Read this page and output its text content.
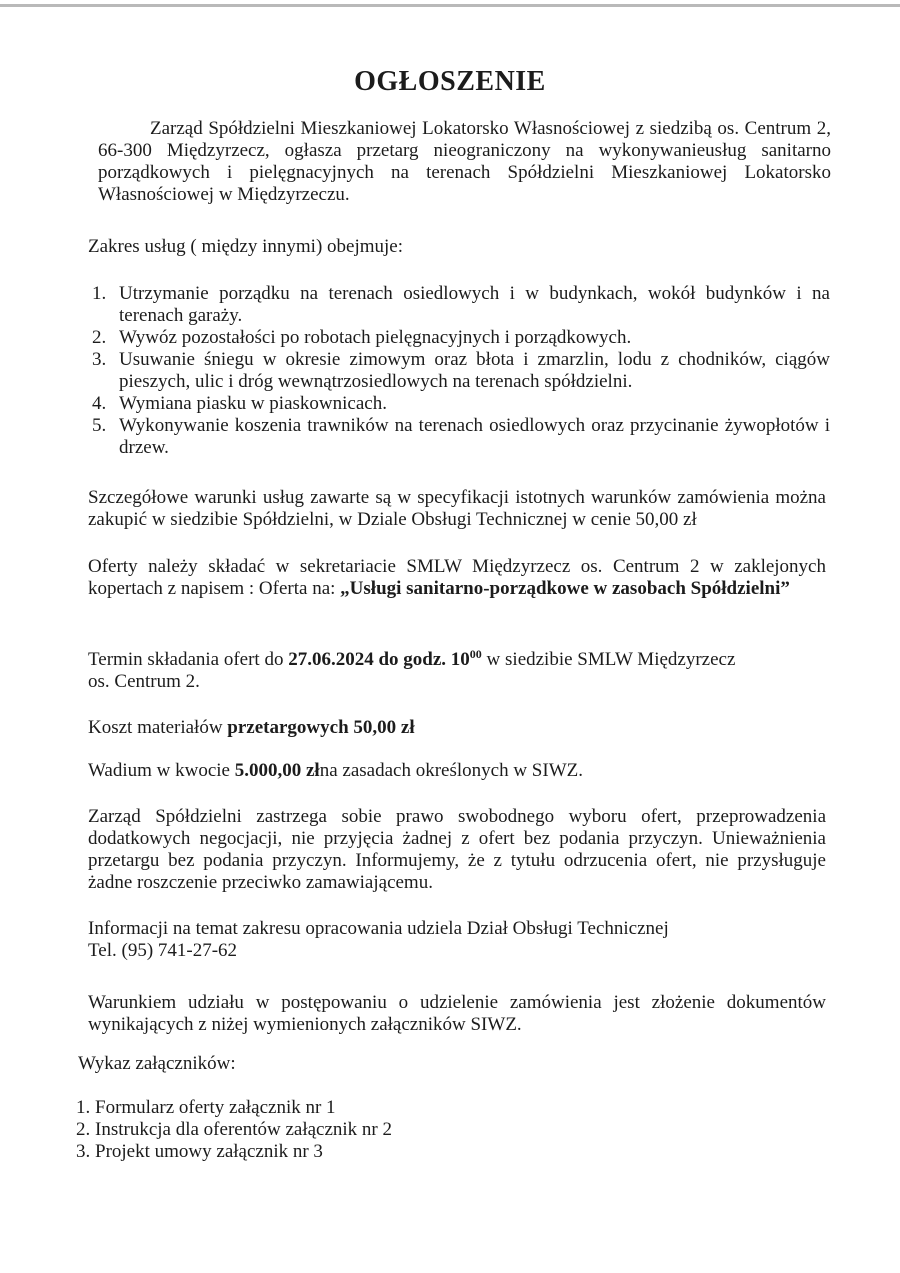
OGŁOSZENIE
Zarząd Spółdzielni Mieszkaniowej Lokatorsko Własnościowej z siedzibą os. Centrum 2, 66-300 Międzyrzecz, ogłasza przetarg nieograniczony na wykonywanieusług sanitarno porządkowych i pielęgnacyjnych na terenach Spółdzielni Mieszkaniowej Lokatorsko Własnościowej w Międzyrzeczu.
Zakres usług ( między innymi) obejmuje:
1. Utrzymanie porządku na terenach osiedlowych i w budynkach, wokół budynków i na terenach garaży.
2. Wywóz pozostałości po robotach pielęgnacyjnych i porządkowych.
3. Usuwanie śniegu w okresie zimowym oraz błota i zmarzlin, lodu z chodników, ciągów pieszych, ulic i dróg wewnątrzosiedlowych na terenach spółdzielni.
4. Wymiana piasku w piaskownicach.
5. Wykonywanie koszenia trawników na terenach osiedlowych oraz przycinanie żywopłotów i drzew.
Szczegółowe warunki usług zawarte są w specyfikacji istotnych warunków zamówienia można zakupić w siedzibie Spółdzielni, w Dziale Obsługi Technicznej w cenie 50,00 zł
Oferty należy składać w sekretariacie SMLW Międzyrzecz os. Centrum 2 w zaklejonych kopertach z napisem : Oferta na: „Usługi sanitarno-porządkowe w zasobach Spółdzielni”
Termin składania ofert do 27.06.2024 do godz. $10^{00}$ w siedzibie SMLW Międzyrzecz
os. Centrum 2.
Koszt materiałów przetargowych 50,00 zł
Wadium w kwocie 5.000,00 złna zasadach określonych w SIWZ.
Zarząd Spółdzielni zastrzega sobie prawo swobodnego wyboru ofert, przeprowadzenia dodatkowych negocjacji, nie przyjęcia żadnej z ofert bez podania przyczyn. Unieważnienia przetargu bez podania przyczyn. Informujemy, że z tytułu odrzucenia ofert, nie przysługuje żadne roszczenie przeciwko zamawiającemu.
Informacji na temat zakresu opracowania udziela Dział Obsługi Technicznej
Tel. (95) 741-27-62
Warunkiem udziału w postępowaniu o udzielenie zamówienia jest złożenie dokumentów wynikających z niżej wymienionych załączników SIWZ.
Wykaz załączników:
1. Formularz oferty załącznik nr 1
2. Instrukcja dla oferentów załącznik nr 2
3. Projekt umowy załącznik nr 3
